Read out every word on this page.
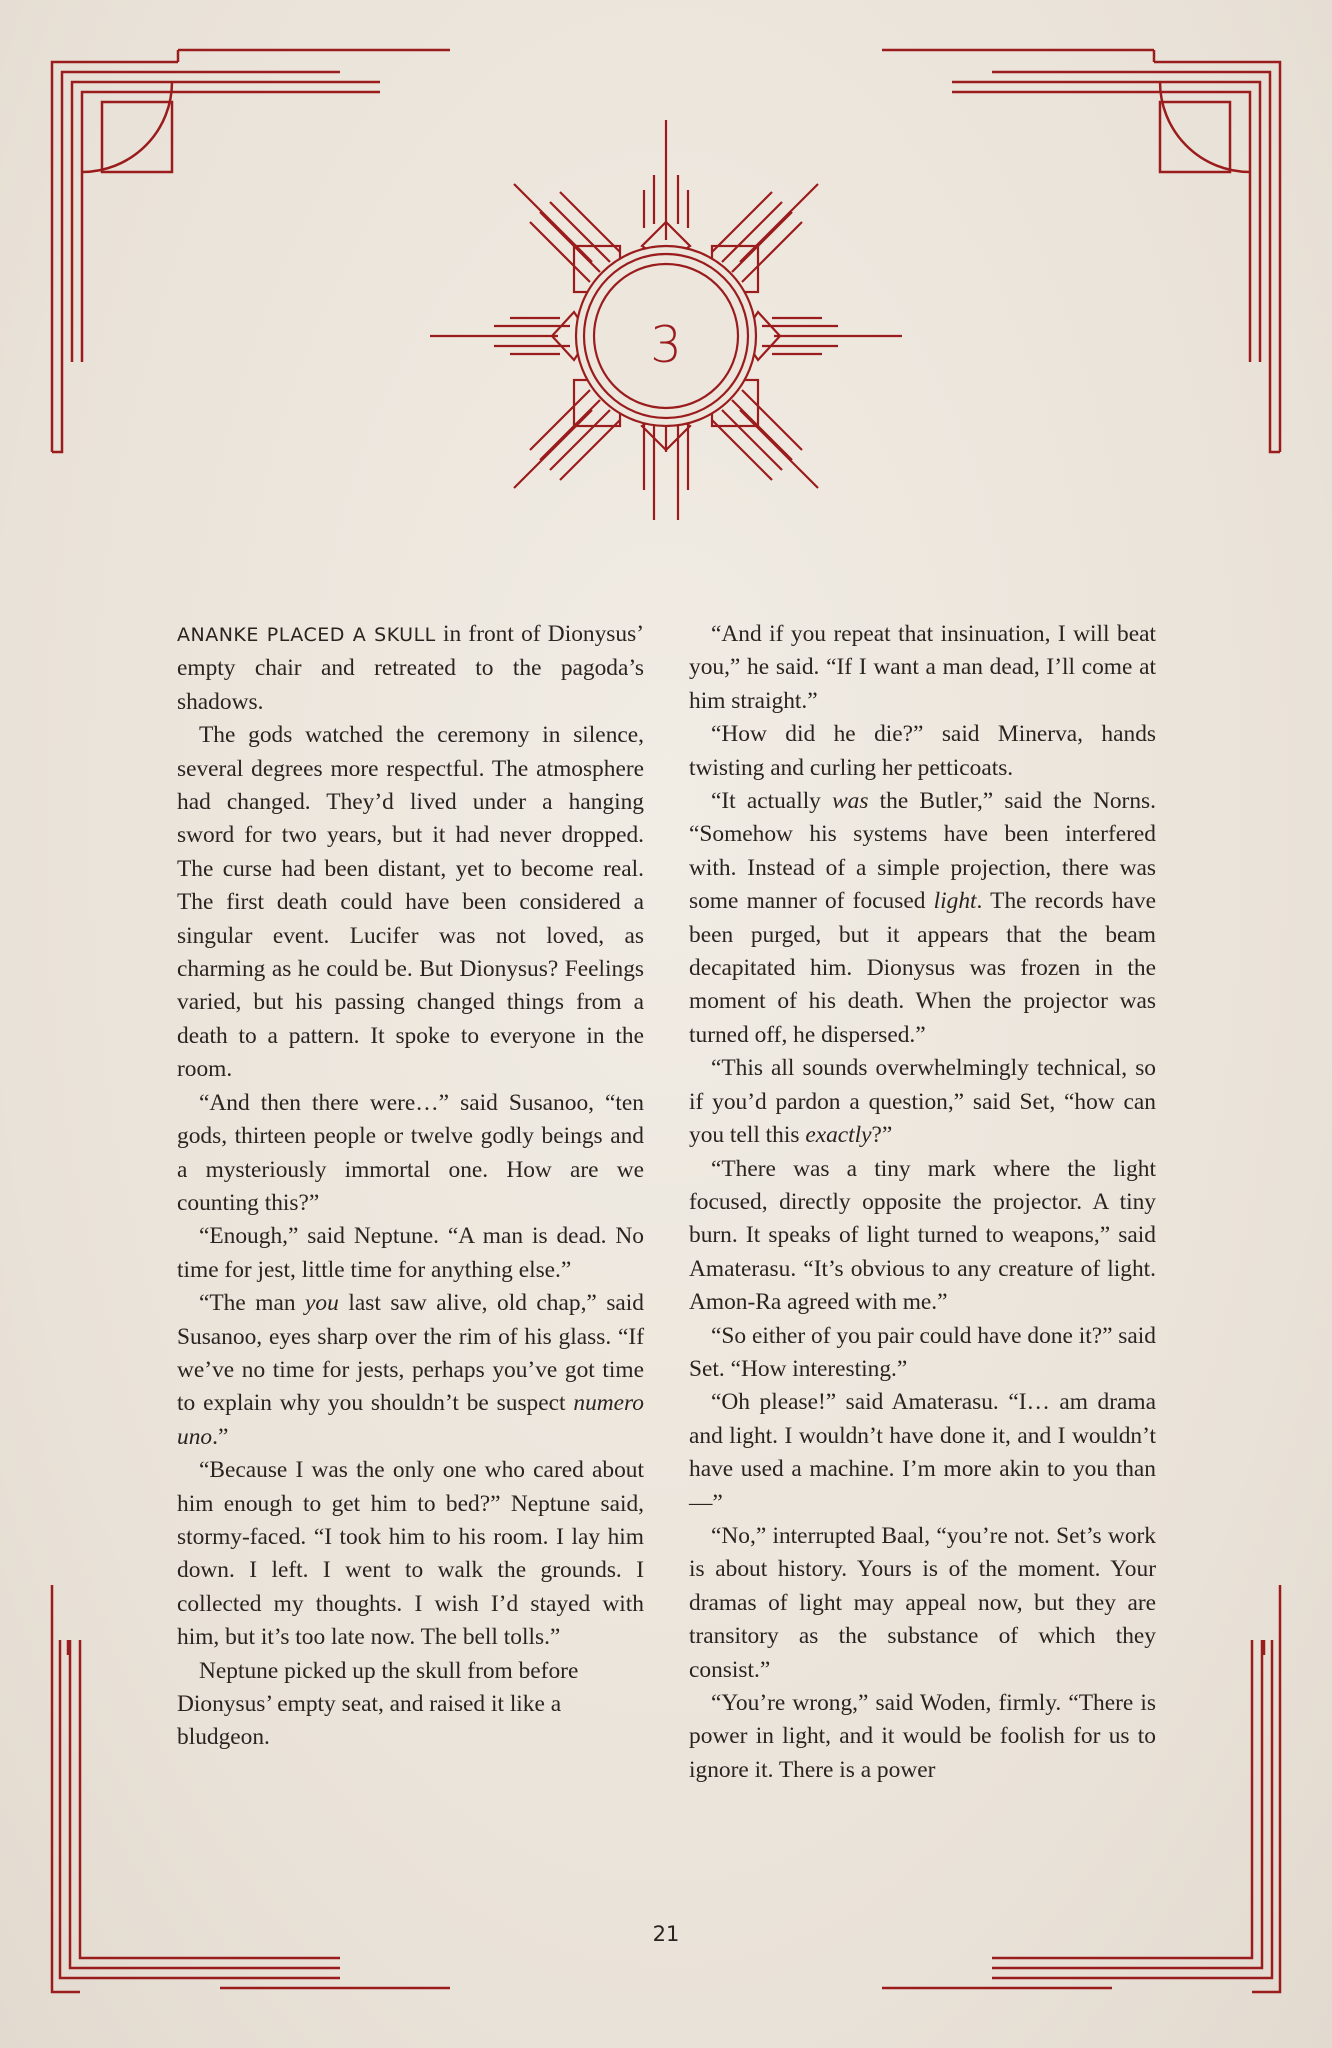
3

ANANKE PLACED A SKULL in front of Dionysus’ empty chair and retreated to the pagoda’s shadows.

The gods watched the ceremony in silence, several degrees more respectful. The atmosphere had changed. They’d lived under a hanging sword for two years, but it had never dropped. The curse had been distant, yet to become real. The first death could have been considered a singular event. Lucifer was not loved, as charming as he could be. But Dionysus? Feelings varied, but his passing changed things from a death to a pattern. It spoke to everyone in the room.

“And then there were…” said Susanoo, “ten gods, thirteen people or twelve godly beings and a mysteriously immortal one. How are we counting this?”

“Enough,” said Neptune. “A man is dead. No time for jest, little time for anything else.”

“The man you last saw alive, old chap,” said Susanoo, eyes sharp over the rim of his glass. “If we’ve no time for jests, perhaps you’ve got time to explain why you shouldn’t be suspect numero uno.”

“Because I was the only one who cared about him enough to get him to bed?” Neptune said, stormy-faced. “I took him to his room. I lay him down. I left. I went to walk the grounds. I collected my thoughts. I wish I’d stayed with him, but it’s too late now. The bell tolls.”

Neptune picked up the skull from before Dionysus’ empty seat, and raised it like a bludgeon.

“And if you repeat that insinuation, I will beat you,” he said. “If I want a man dead, I’ll come at him straight.”

“How did he die?” said Minerva, hands twisting and curling her petticoats.

“It actually was the Butler,” said the Norns. “Somehow his systems have been interfered with. Instead of a simple projection, there was some manner of focused light. The records have been purged, but it appears that the beam decapitated him. Dionysus was frozen in the moment of his death. When the projector was turned off, he dispersed.”

“This all sounds overwhelmingly technical, so if you’d pardon a question,” said Set, “how can you tell this exactly?”

“There was a tiny mark where the light focused, directly opposite the projector. A tiny burn. It speaks of light turned to weapons,” said Amaterasu. “It’s obvious to any creature of light. Amon-Ra agreed with me.”

“So either of you pair could have done it?” said Set. “How interesting.”

“Oh please!” said Amaterasu. “I… am drama and light. I wouldn’t have done it, and I wouldn’t have used a machine. I’m more akin to you than—”

“No,” interrupted Baal, “you’re not. Set’s work is about history. Yours is of the moment. Your dramas of light may appeal now, but they are transitory as the substance of which they consist.”

“You’re wrong,” said Woden, firmly. “There is power in light, and it would be foolish for us to ignore it. There is a power

21
